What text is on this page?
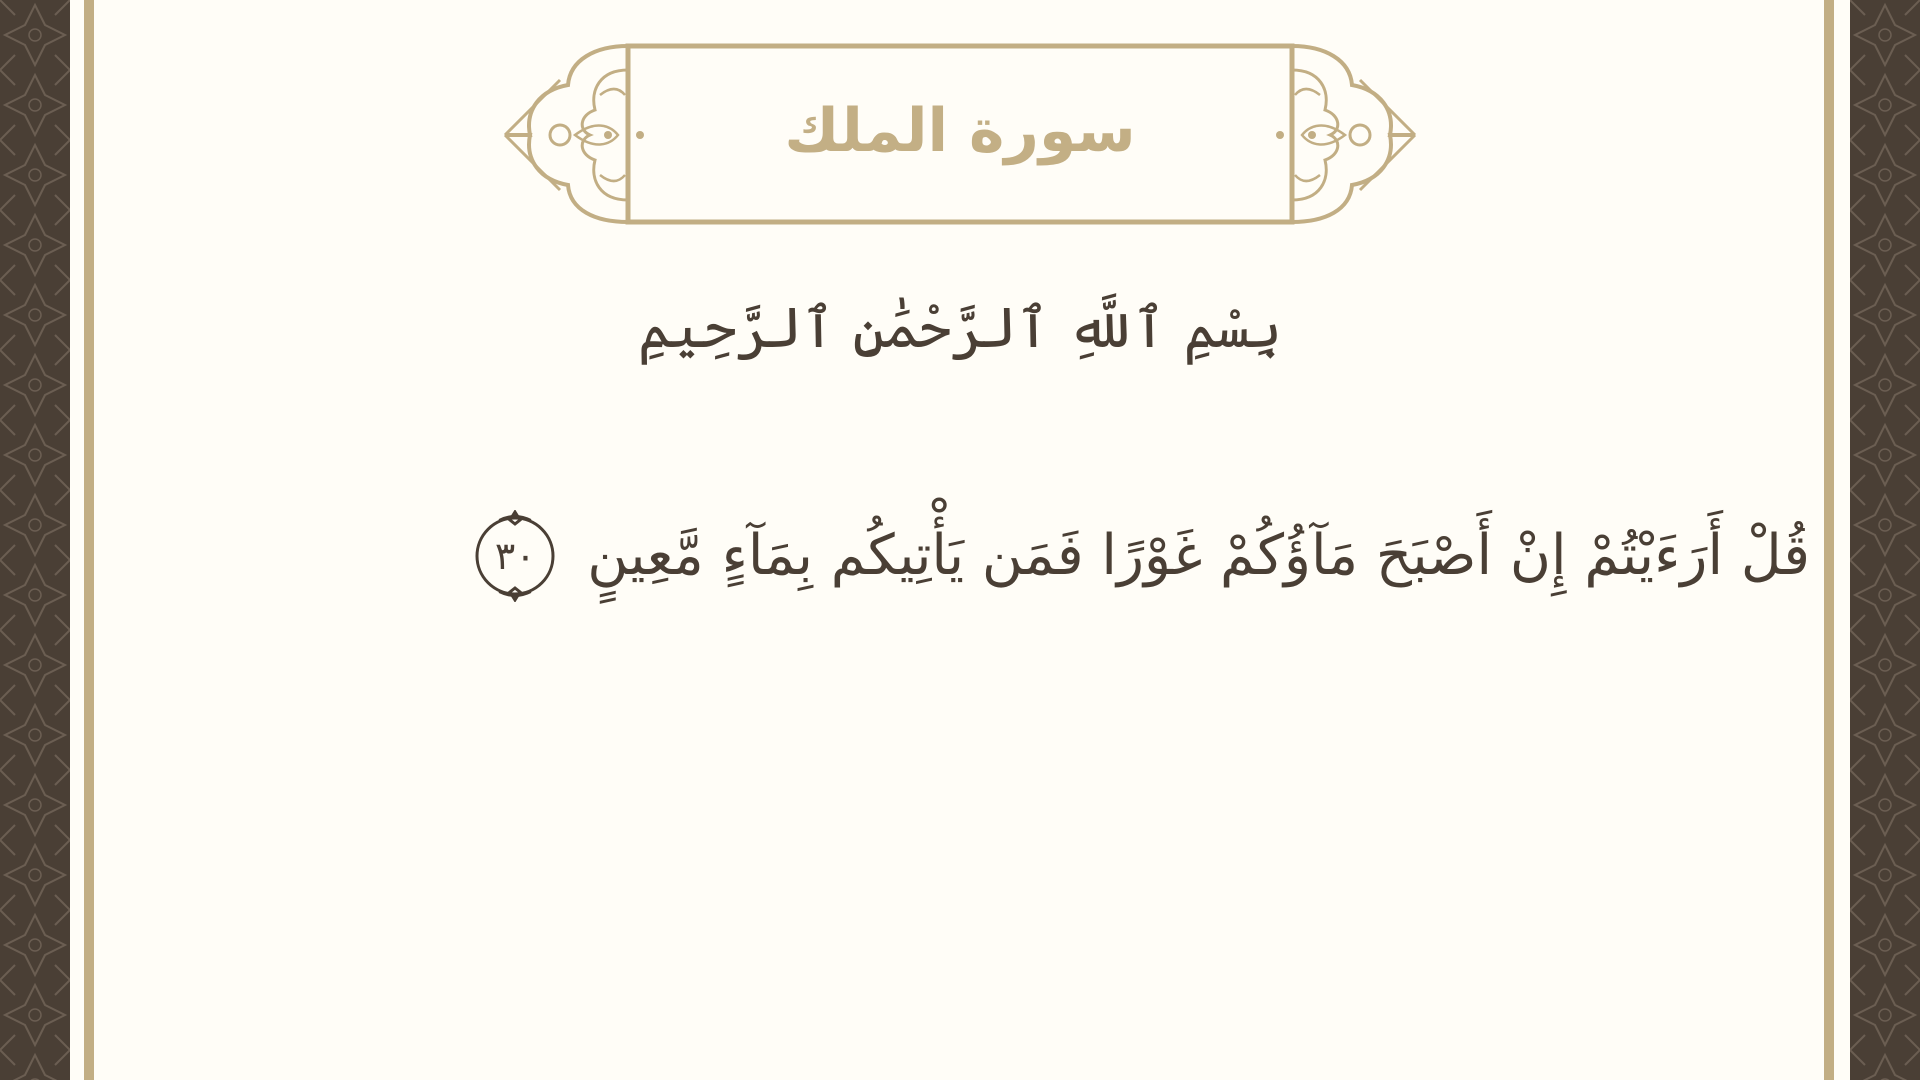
سورة الملك
بِسْمِ ٱللَّهِ ٱلرَّحْمَٰنِ ٱلرَّحِيمِ
قُلْ أَرَءَيْتُمْ إِنْ أَصْبَحَ مَآؤُكُمْ غَوْرًا فَمَن يَأْتِيكُم بِمَآءٍ مَّعِينٍ
٣٠
